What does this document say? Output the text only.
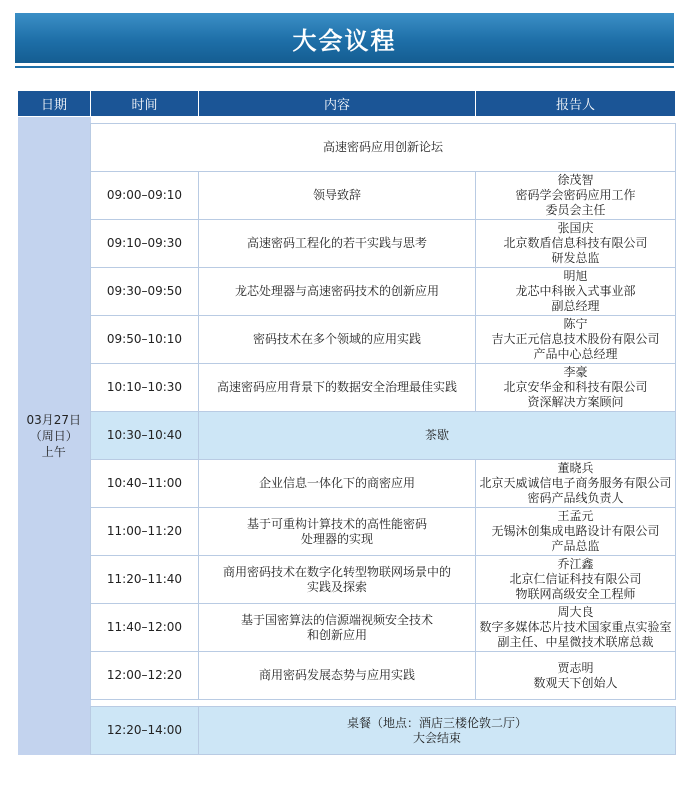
大会议程
日期	时间	内容	报告人

03月27日
（周日）
上午			

	高速密码应用创新论坛		
	09:00–09:10	领导致辞	徐茂智
密码学会密码应用工作
委员会主任

	09:10–09:30	高速密码工程化的若干实践与思考	张国庆
北京数盾信息科技有限公司
研发总监

	09:30–09:50	龙芯处理器与高速密码技术的创新应用	明旭
龙芯中科嵌入式事业部
副总经理

	09:50–10:10	密码技术在多个领域的应用实践	陈宁
吉大正元信息技术股份有限公司
产品中心总经理

	10:10–10:30	高速密码应用背景下的数据安全治理最佳实践	李豪
北京安华金和科技有限公司
资深解决方案顾问

	10:30–10:40	茶歇	

	10:40–11:00	企业信息一体化下的商密应用	董晓兵
北京天威诚信电子商务服务有限公司
密码产品线负责人

	11:00–11:20	基于可重构计算技术的高性能密码
处理器的实现	王孟元
无锡沐创集成电路设计有限公司
产品总监

	11:20–11:40	商用密码技术在数字化转型物联网场景中的
实践及探索	乔江鑫
北京仁信证科技有限公司
物联网高级安全工程师

	11:40–12:00	基于国密算法的信源端视频安全技术
和创新应用	周大良
数字多媒体芯片技术国家重点实验室
副主任、中星微技术联席总裁

	12:00–12:20	商用密码发展态势与应用实践	贾志明
数观天下创始人

	12:20–14:00	桌餐（地点：酒店三楼伦敦二厅）
大会结束	
